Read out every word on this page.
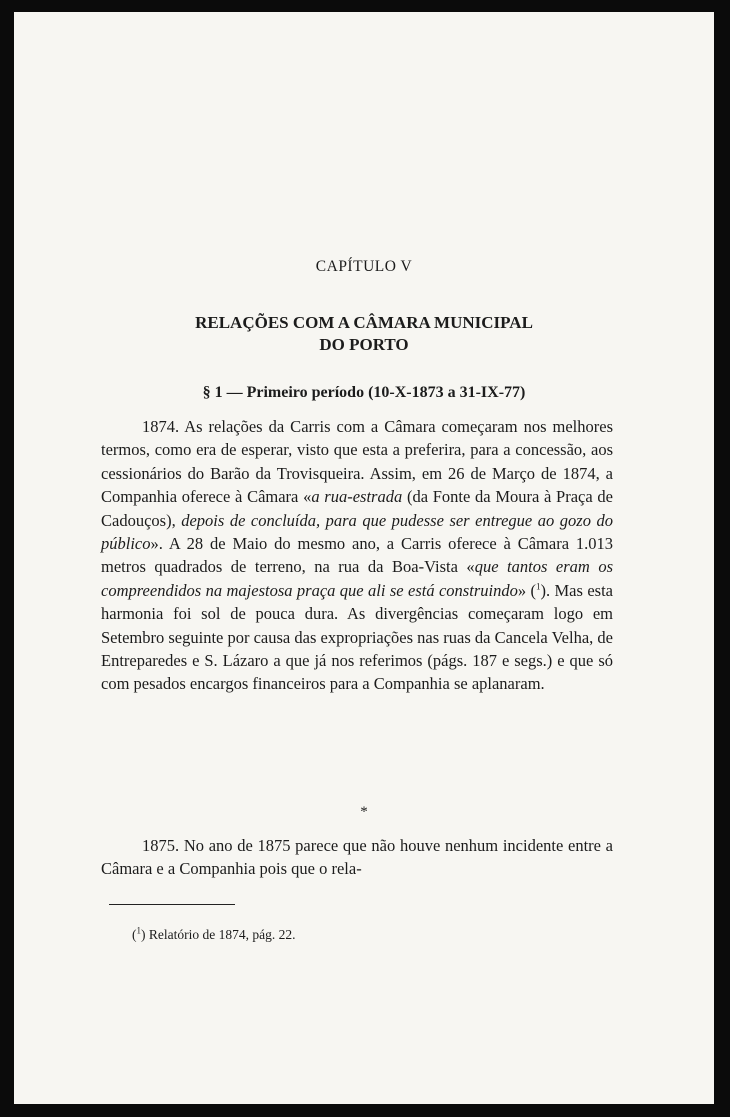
CAPÍTULO V
RELAÇÕES COM A CÂMARA MUNICIPAL
DO PORTO
§ 1 — Primeiro período (10-X-1873 a 31-IX-77)

1874. As relações da Carris com a Câmara começaram nos melhores termos, como era de esperar, visto que esta a preferira, para a concessão, aos cessionários do Barão da Trovisqueira. Assim, em 26 de Março de 1874, a Companhia oferece à Câmara «a rua-estrada (da Fonte da Moura à Praça de Cadouços), depois de concluída, para que pudesse ser entregue ao gozo do público». A 28 de Maio do mesmo ano, a Carris oferece à Câmara 1.013 metros quadrados de terreno, na rua da Boa-Vista «que tantos eram os compreendidos na majestosa praça que ali se está construindo» ($^1$). Mas esta harmonia foi sol de pouca dura. As divergências começaram logo em Setembro seguinte por causa das expropriações nas ruas da Cancela Velha, de Entreparedes e S. Lázaro a que já nos referimos (págs. 187 e segs.) e que só com pesados encargos financeiros para a Companhia se aplanaram.

*

1875. No ano de 1875 parece que não houve nenhum incidente entre a Câmara e a Companhia pois que o rela-

($^1$) Relatório de 1874, pág. 22.
